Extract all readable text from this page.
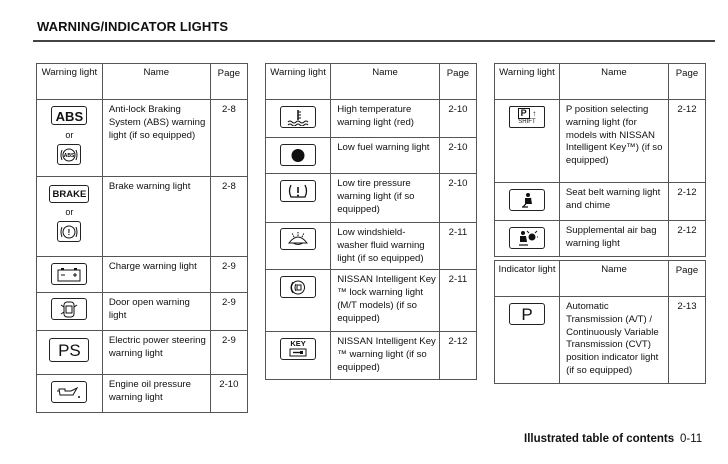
WARNING/INDICATOR LIGHTS
Warning light	Name	Page
ABS
or
ABS	Anti-lock Braking System (ABS) warning light (if so equipped)	2-8
BRAKE
or
!	Brake warning light	2-8

	Charge warning light	2-9

	Door open warning light	2-9
PS	Electric power steering warning light	2-9

	Engine oil pressure warning light	2-10
Warning light	Name	Page

	High temperature warning light (red)	2-10

	Low fuel warning light	2-10

	Low tire pressure warning light (if so equipped)	2-10

	Low windshield-washer fluid warning light (if so equipped)	2-11

	NISSAN Intelligent Key ™ lock warning light (M/T models) (if so equipped)	2-11

KEY	NISSAN Intelligent Key ™ warning light (if so equipped)	2-12
Warning light	Name	Page
P ↑
SHIFT	P position selecting warning light (for models with NISSAN Intelligent Key™) (if so equipped)	2-12

	Seat belt warning light and chime	2-12

	Supplemental air bag warning light	2-12
Indicator light	Name	Page
P	Automatic Transmission (A/T) / Continuously Variable Transmission (CVT) position indicator light (if so equipped)	2-13
Illustrated table of contents 0-11
